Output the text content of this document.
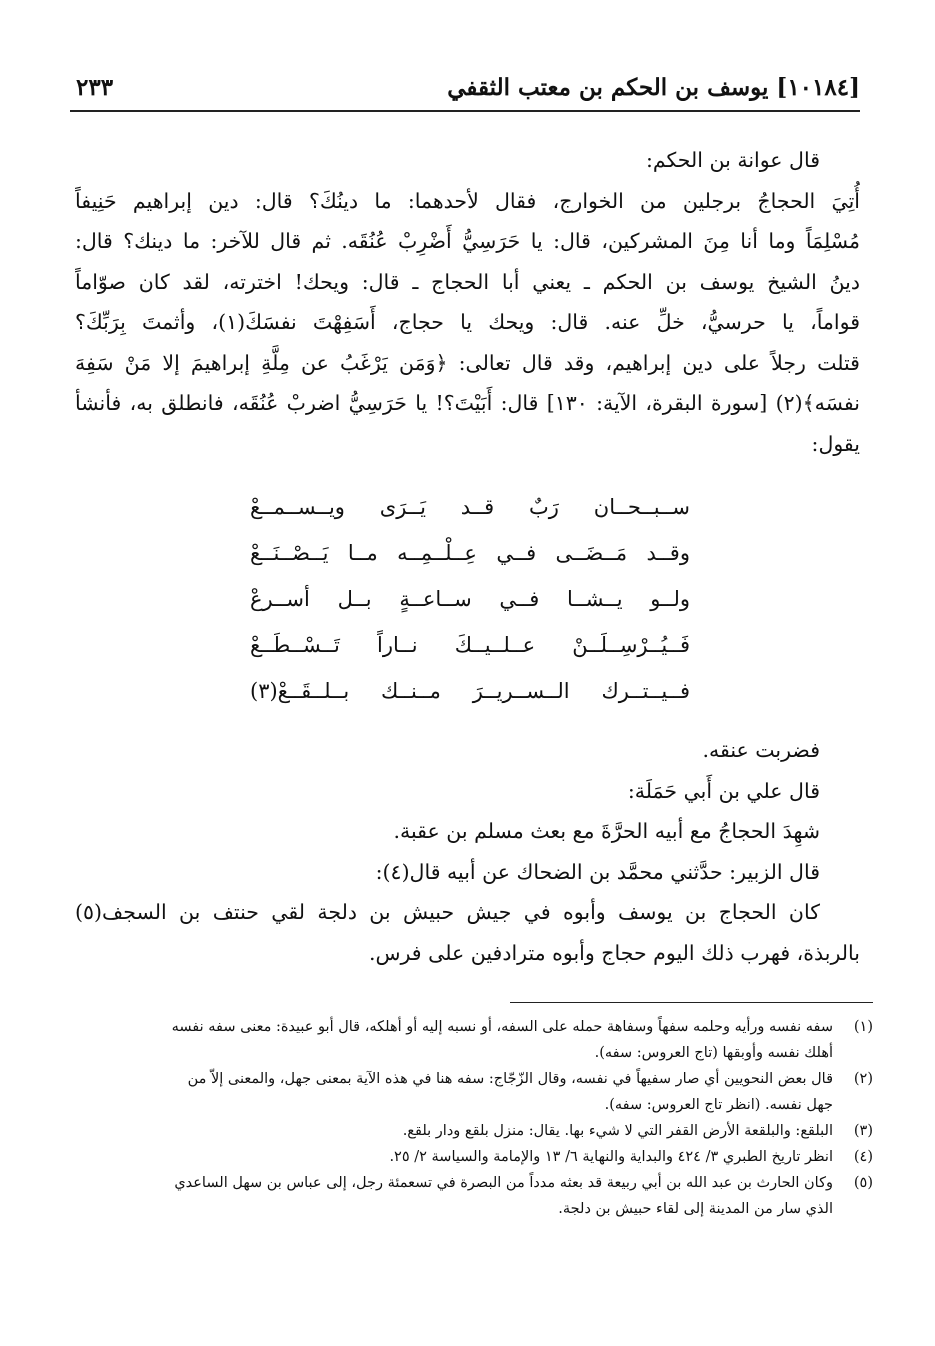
[١٠١٨٤] يوسف بن الحكم بن معتب الثقفي
٢٣٣
قال عوانة بن الحكم:
أُتِيَ الحجاجُ برجلين من الخوارج، فقال لأحدهما: ما دينُكَ؟ قال: دين إبراهيم حَنِيفاً
مُسْلِمَاً وما أنا مِنَ المشركين، قال: يا حَرَسِيُّ أَضْرِبْ عُنُقَه. ثم قال للآخر: ما دينك؟ قال:
دينُ الشيخ يوسف بن الحكم ـ يعني أبا الحجاج ـ قال: ويحك! اخترته، لقد كان صوّاماً
قواماً، يا حرسيُّ، خلِّ عنه. قال: ويحك يا حجاج، أَسَفِهْتَ نفسَكَ(١)، وأثمتَ بِرَبِّكَ؟
قتلت رجلاً على دين إبراهيم، وقد قال تعالى: ﴿وَمَن يَرْغَبُ عن مِلَّةِ إبراهيمَ إلا مَنْ سَفِهَ
نفسَه﴾(٢) [سورة البقرة، الآية: ١٣٠] قال: أَبَيْتَ؟! يا حَرَسِيُّ اضربْ عُنُقَه، فانطلق به، فأنشأ
يقول:
ســبــحــان رَبٌ قــد يَــرَى ويــســمــعْ
وقــد مَــضَــى فــي عِــلْــمِــه مــا يَــصْــنَــعْ
ولــو يــشــا فــي ســاعــةٍ بــل أســرعْ
فَــيُــرْسِــلَــنْ عــلــيــكَ نــاراً تَــسْــطَــعْ
فــيــتــرك الــســريــرَ مــنــك بــلــقَــعْ(٣)
فضربت عنقه.
قال علي بن أَبي حَمَلَة:
شهِدَ الحجاجُ مع أبيه الحرَّةَ مع بعث مسلم بن عقبة.
قال الزبير: حدَّثني محمَّد بن الضحاك عن أبيه قال(٤):
كان الحجاج بن يوسف وأبوه في جيش حبيش بن دلجة لقي حنتف بن السجف(٥)
بالربذة، فهرب ذلك اليوم حجاج وأبوه مترادفين على فرس.
(١)
سفه نفسه ورأيه وحلمه سفهاً وسفاهة حمله على السفه، أو نسبه إليه أو أهلكه، قال أبو عبيدة: معنى سفه نفسه
أهلك نفسه وأوبقها (تاج العروس: سفه).
(٢)
قال بعض النحويين أي صار سفيهاً في نفسه، وقال الزّجّاج: سفه هنا في هذه الآية بمعنى جهل، والمعنى إلاّ من
جهل نفسه. (انظر تاج العروس: سفه).
(٣)
البلقع: والبلقعة الأرض القفر التي لا شيء بها. يقال: منزل بلقع ودار بلقع.
(٤)
انظر تاريخ الطبري ٣/ ٤٢٤ والبداية والنهاية ٦/ ١٣ والإمامة والسياسة ٢/ ٢٥.
(٥)
وكان الحارث بن عبد الله بن أبي ربيعة قد بعثه مدداً من البصرة في تسعمئة رجل، إلى عباس بن سهل الساعدي
الذي سار من المدينة إلى لقاء حبيش بن دلجة.
